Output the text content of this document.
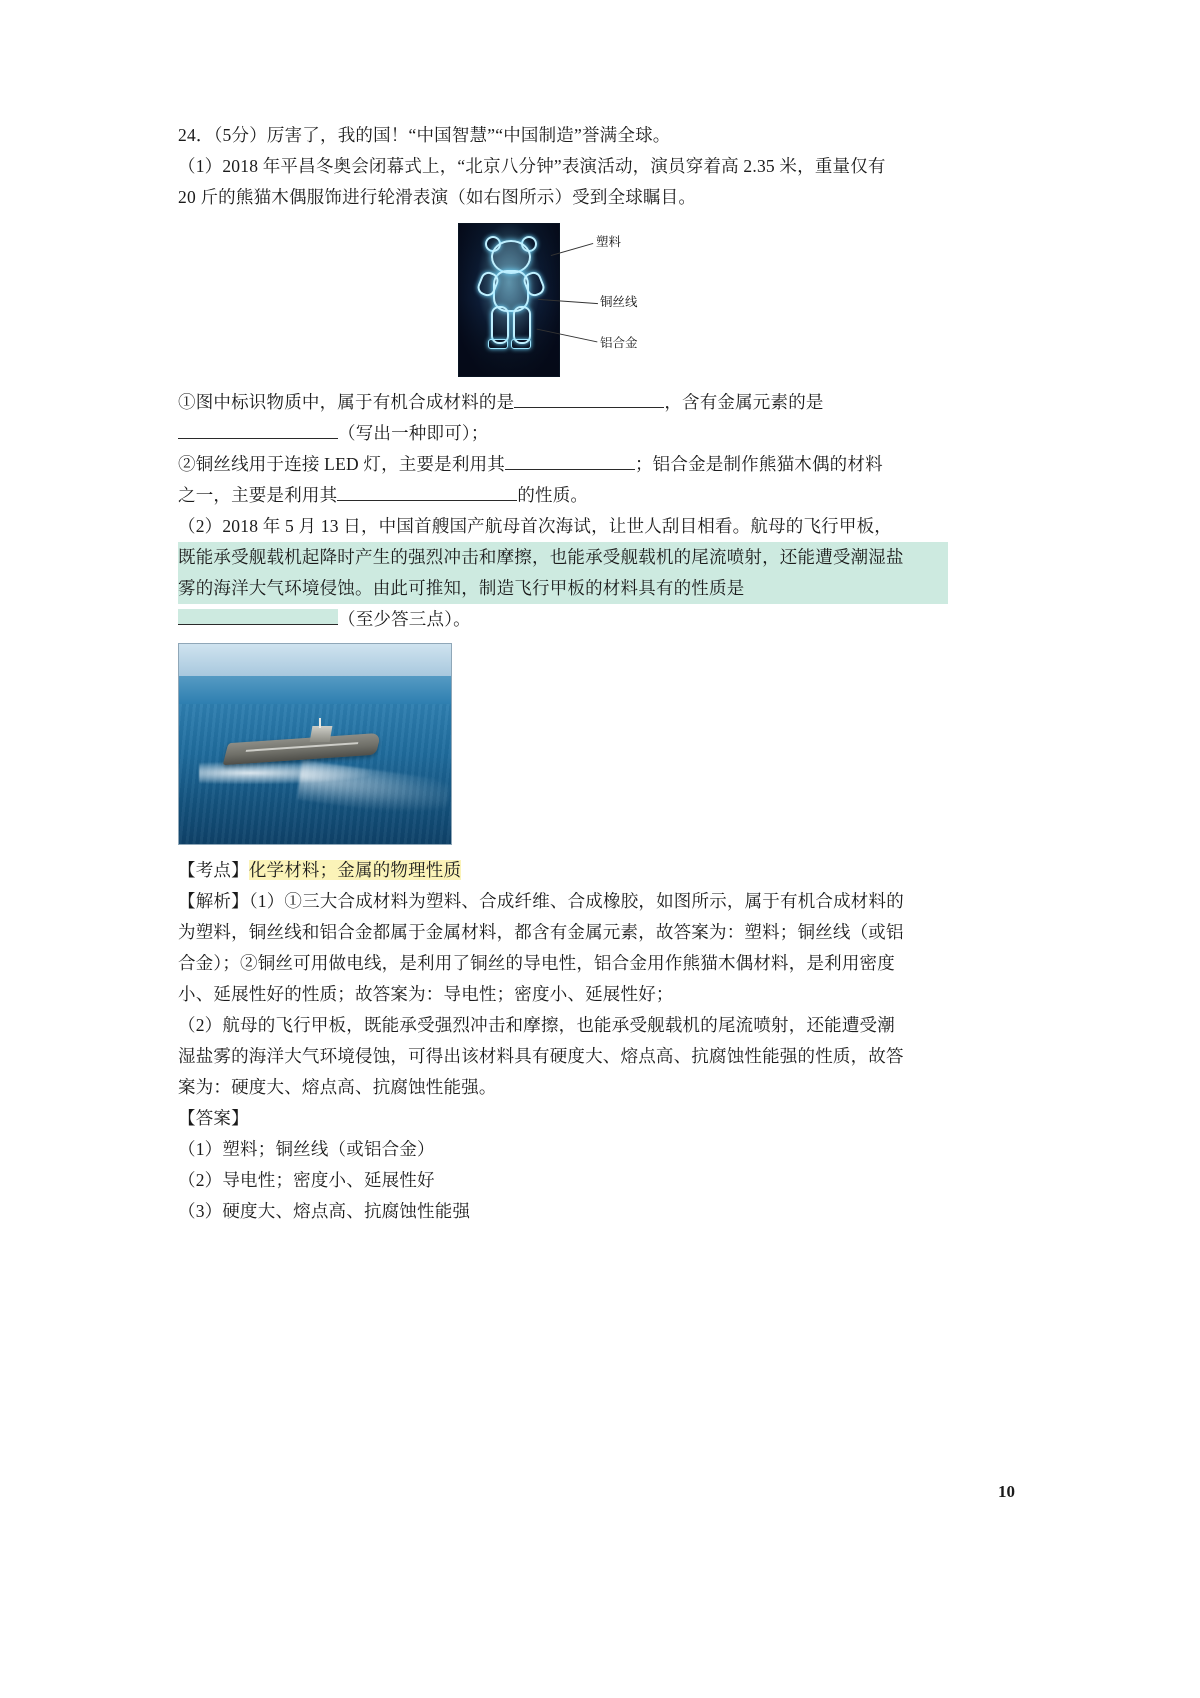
24．（5分）厉害了，我的国！“中国智慧”“中国制造”誉满全球。
（1）2018 年平昌冬奥会闭幕式上，“北京八分钟”表演活动，演员穿着高 2.35 米，重量仅有
20 斤的熊猫木偶服饰进行轮滑表演（如右图所示）受到全球瞩目。
塑料
铜丝线
铝合金
①图中标识物质中，属于有机合成材料的是	，含有金属元素的是
（写出一种即可）；
②铜丝线用于连接 LED 灯，主要是利用其	；铝合金是制作熊猫木偶的材料
之一，主要是利用其	的性质。
（2）2018 年 5 月 13 日，中国首艘国产航母首次海试，让世人刮目相看。航母的飞行甲板，
既能承受舰载机起降时产生的强烈冲击和摩擦，也能承受舰载机的尾流喷射，还能遭受潮湿盐
雾的海洋大气环境侵蚀。由此可推知，制造飞行甲板的材料具有的性质是
（至少答三点）。
【考点】化学材料；金属的物理性质
【解析】（1）①三大合成材料为塑料、合成纤维、合成橡胶，如图所示，属于有机合成材料的
为塑料，铜丝线和铝合金都属于金属材料，都含有金属元素，故答案为：塑料；铜丝线（或铝
合金）；②铜丝可用做电线，是利用了铜丝的导电性，铝合金用作熊猫木偶材料，是利用密度
小、延展性好的性质；故答案为：导电性；密度小、延展性好；
（2）航母的飞行甲板，既能承受强烈冲击和摩擦，也能承受舰载机的尾流喷射，还能遭受潮
湿盐雾的海洋大气环境侵蚀，可得出该材料具有硬度大、熔点高、抗腐蚀性能强的性质，故答
案为：硬度大、熔点高、抗腐蚀性能强。
【答案】
（1）塑料；铜丝线（或铝合金）
（2）导电性；密度小、延展性好
（3）硬度大、熔点高、抗腐蚀性能强
10
